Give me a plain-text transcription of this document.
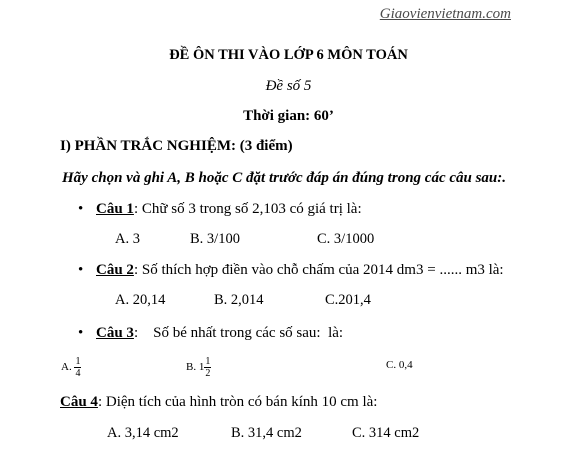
Giaovienvietnam.com
ĐỀ ÔN THI VÀO LỚP 6 MÔN TOÁN
Đề số 5
Thời gian: 60’
I) PHẦN TRẮC NGHIỆM: (3 điểm)
Hãy chọn và ghi A, B hoặc C đặt trước đáp án đúng trong các câu sau:.
• Câu 1: Chữ số 3 trong số 2,103 có giá trị là:
A. 3	B. 3/100	C. 3/1000
• Câu 2: Số thích hợp điền vào chỗ chấm của 2014 dm3 = ...... m3 là:
A. 20,14	B. 2,014	C.201,4
• Câu 3:    Số bé nhất trong các số sau:  là:
A. $\frac{1}{4}$	B. $1 \frac{1}{2}$	C. 0,4
Câu 4: Diện tích của hình tròn có bán kính 10 cm là:
A. 3,14 cm2	B. 31,4 cm2	C. 314 cm2
